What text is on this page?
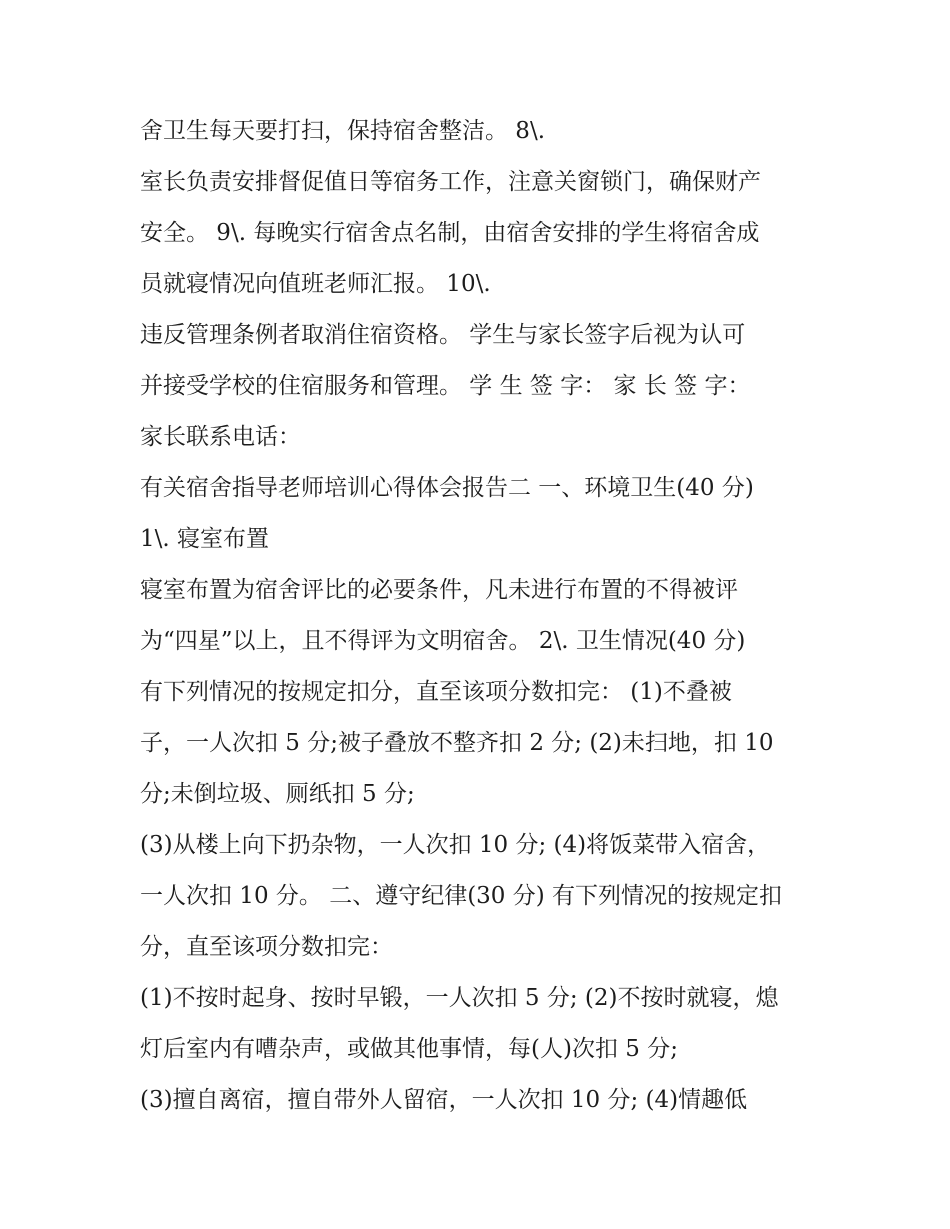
舍卫生每天要打扫，保持宿舍整洁。 8\.
室长负责安排督促值日等宿务工作，注意关窗锁门，确保财产
安全。 9\. 每晚实行宿舍点名制，由宿舍安排的学生将宿舍成
员就寝情况向值班老师汇报。 10\.
违反管理条例者取消住宿资格。 学生与家长签字后视为认可
并接受学校的住宿服务和管理。 学 生 签 字： 家 长 签 字：
家长联系电话：
有关宿舍指导老师培训心得体会报告二 一、环境卫生(40 分)
1\. 寝室布置
寝室布置为宿舍评比的必要条件，凡未进行布置的不得被评
为“四星”以上，且不得评为文明宿舍。 2\. 卫生情况(40 分)
有下列情况的按规定扣分，直至该项分数扣完： (1)不叠被
子，一人次扣 5 分;被子叠放不整齐扣 2 分; (2)未扫地，扣 10
分;未倒垃圾、厕纸扣 5 分;
(3)从楼上向下扔杂物，一人次扣 10 分; (4)将饭菜带入宿舍，
一人次扣 10 分。 二、遵守纪律(30 分) 有下列情况的按规定扣
分，直至该项分数扣完：
(1)不按时起身、按时早锻，一人次扣 5 分; (2)不按时就寝，熄
灯后室内有嘈杂声，或做其他事情，每(人)次扣 5 分;
(3)擅自离宿，擅自带外人留宿，一人次扣 10 分; (4)情趣低
